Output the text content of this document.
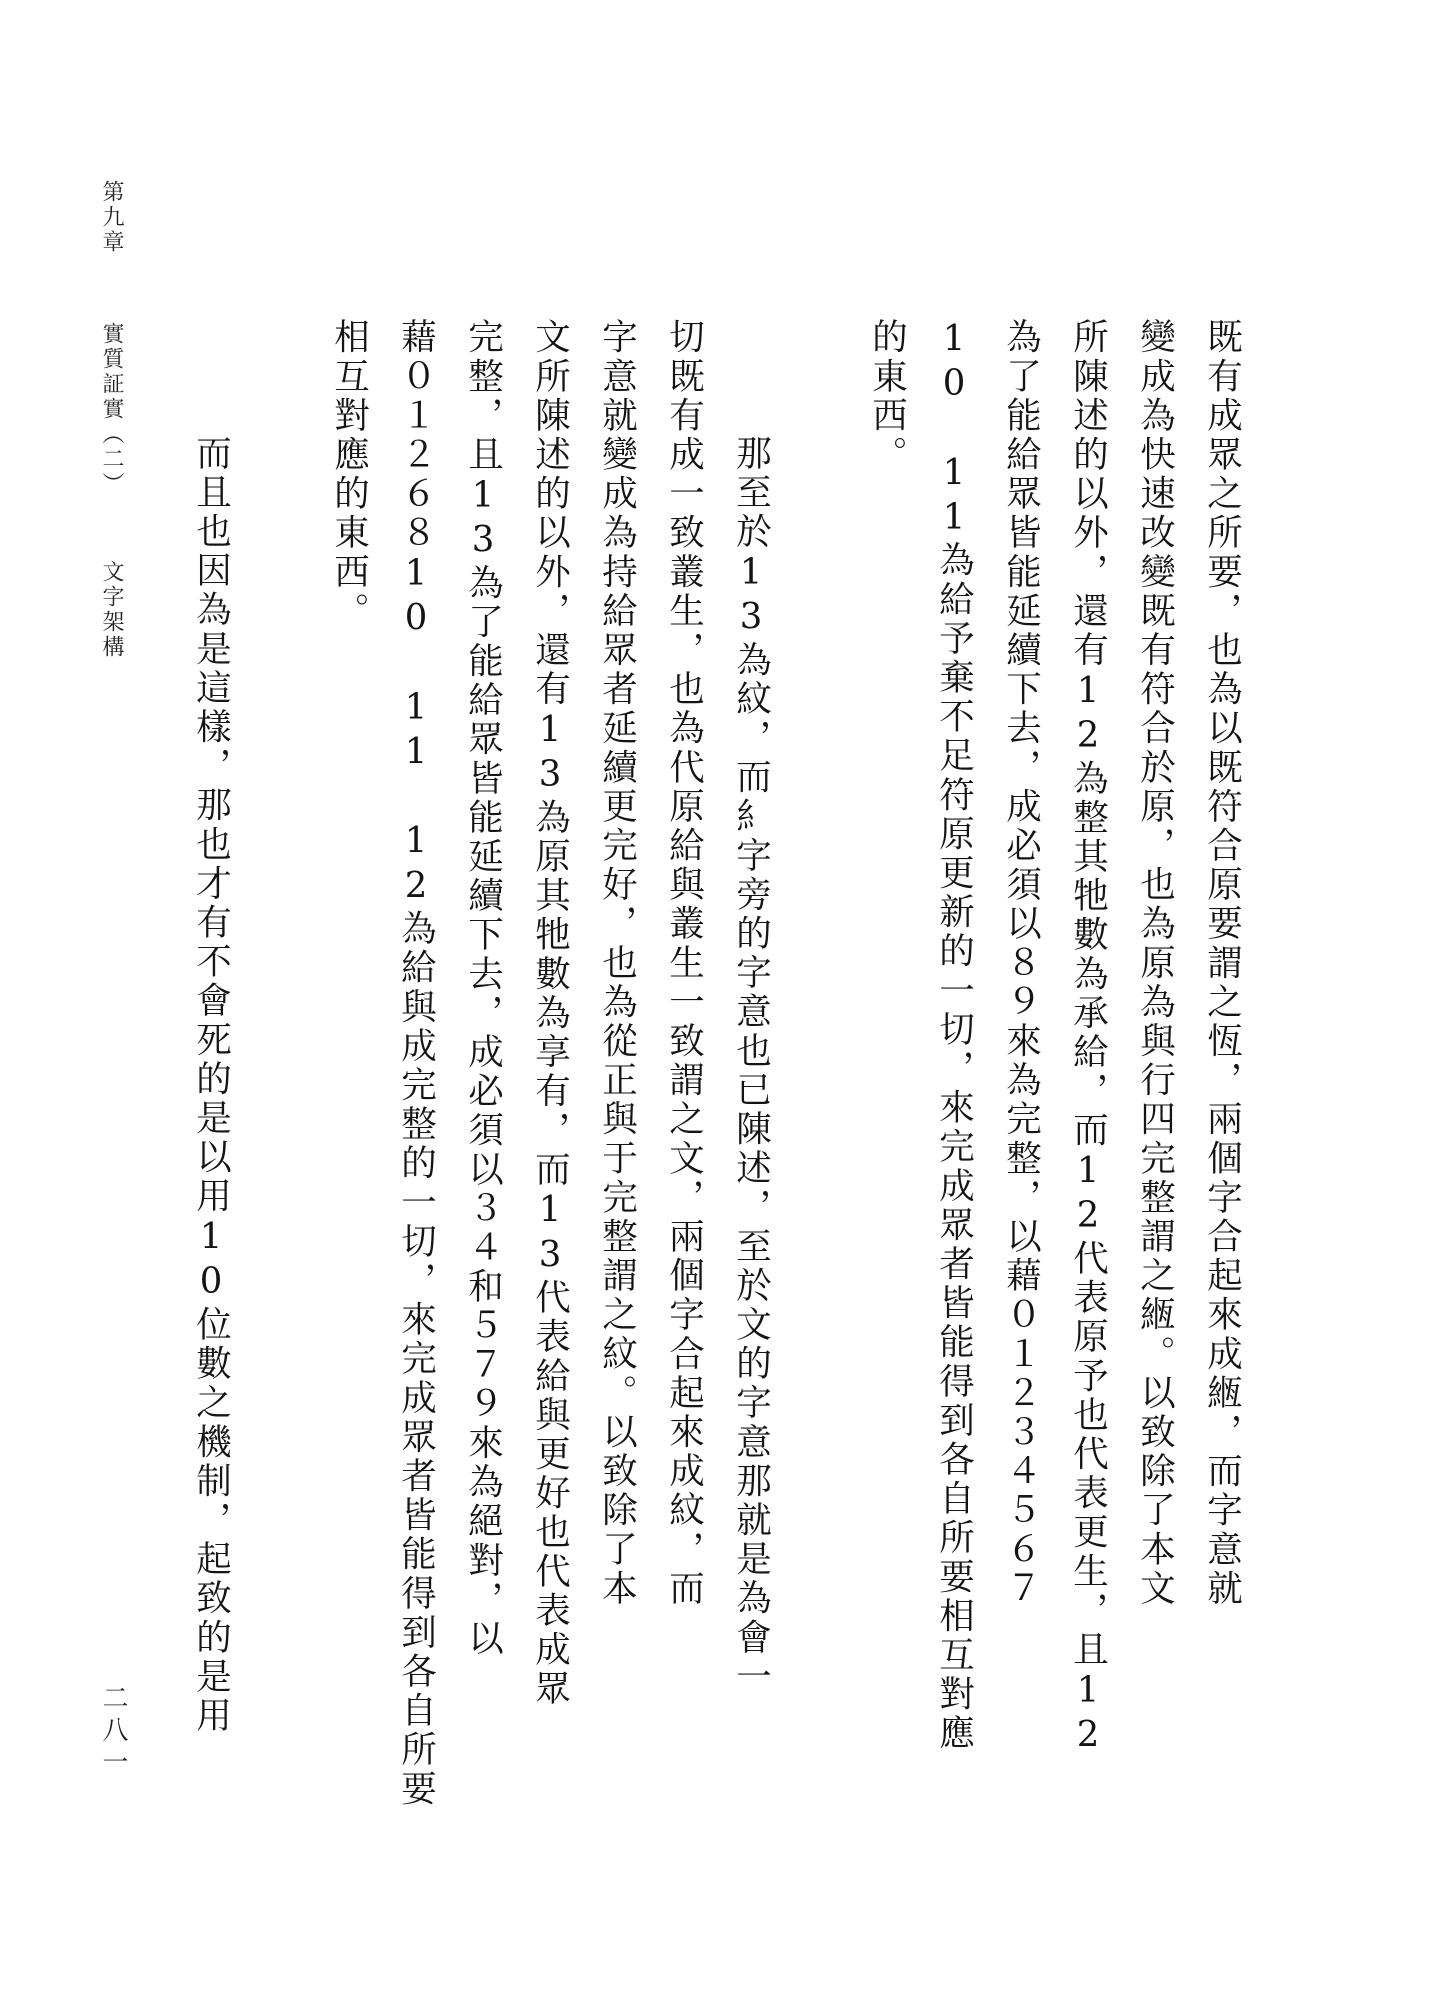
第九章
實質証實（二）
文字架構
二八一
既有成眾之所要，也為以既符合原要謂之恆，兩個字合起來成緪，而字意就
變成為快速改變既有符合於原，也為原為與行四完整謂之緪。以致除了本文
所陳述的以外，還有12為整其牠數為承給，而12代表原予也代表更生，且12
為了能給眾皆能延續下去，成必須以８９來為完整，以藉０１２３４５６７
10 11為給予棄不足符原更新的一切，來完成眾者皆能得到各自所要相互對應
的東西。
　那至於13為紋，而糹字旁的字意也已陳述，至於文的字意那就是為會一
切既有成一致叢生，也為代原給與叢生一致謂之文，兩個字合起來成紋，而
字意就變成為持給眾者延續更完好，也為從正與于完整謂之紋。以致除了本
文所陳述的以外，還有13為原其牠數為享有，而13代表給與更好也代表成眾
完整，且13為了能給眾皆能延續下去，成必須以３４和５７９來為絕對，以
藉０１２６８10 11 12為給與成完整的一切，來完成眾者皆能得到各自所要
相互對應的東西。
　而且也因為是這樣，那也才有不會死的是以用10位數之機制，起致的是用
